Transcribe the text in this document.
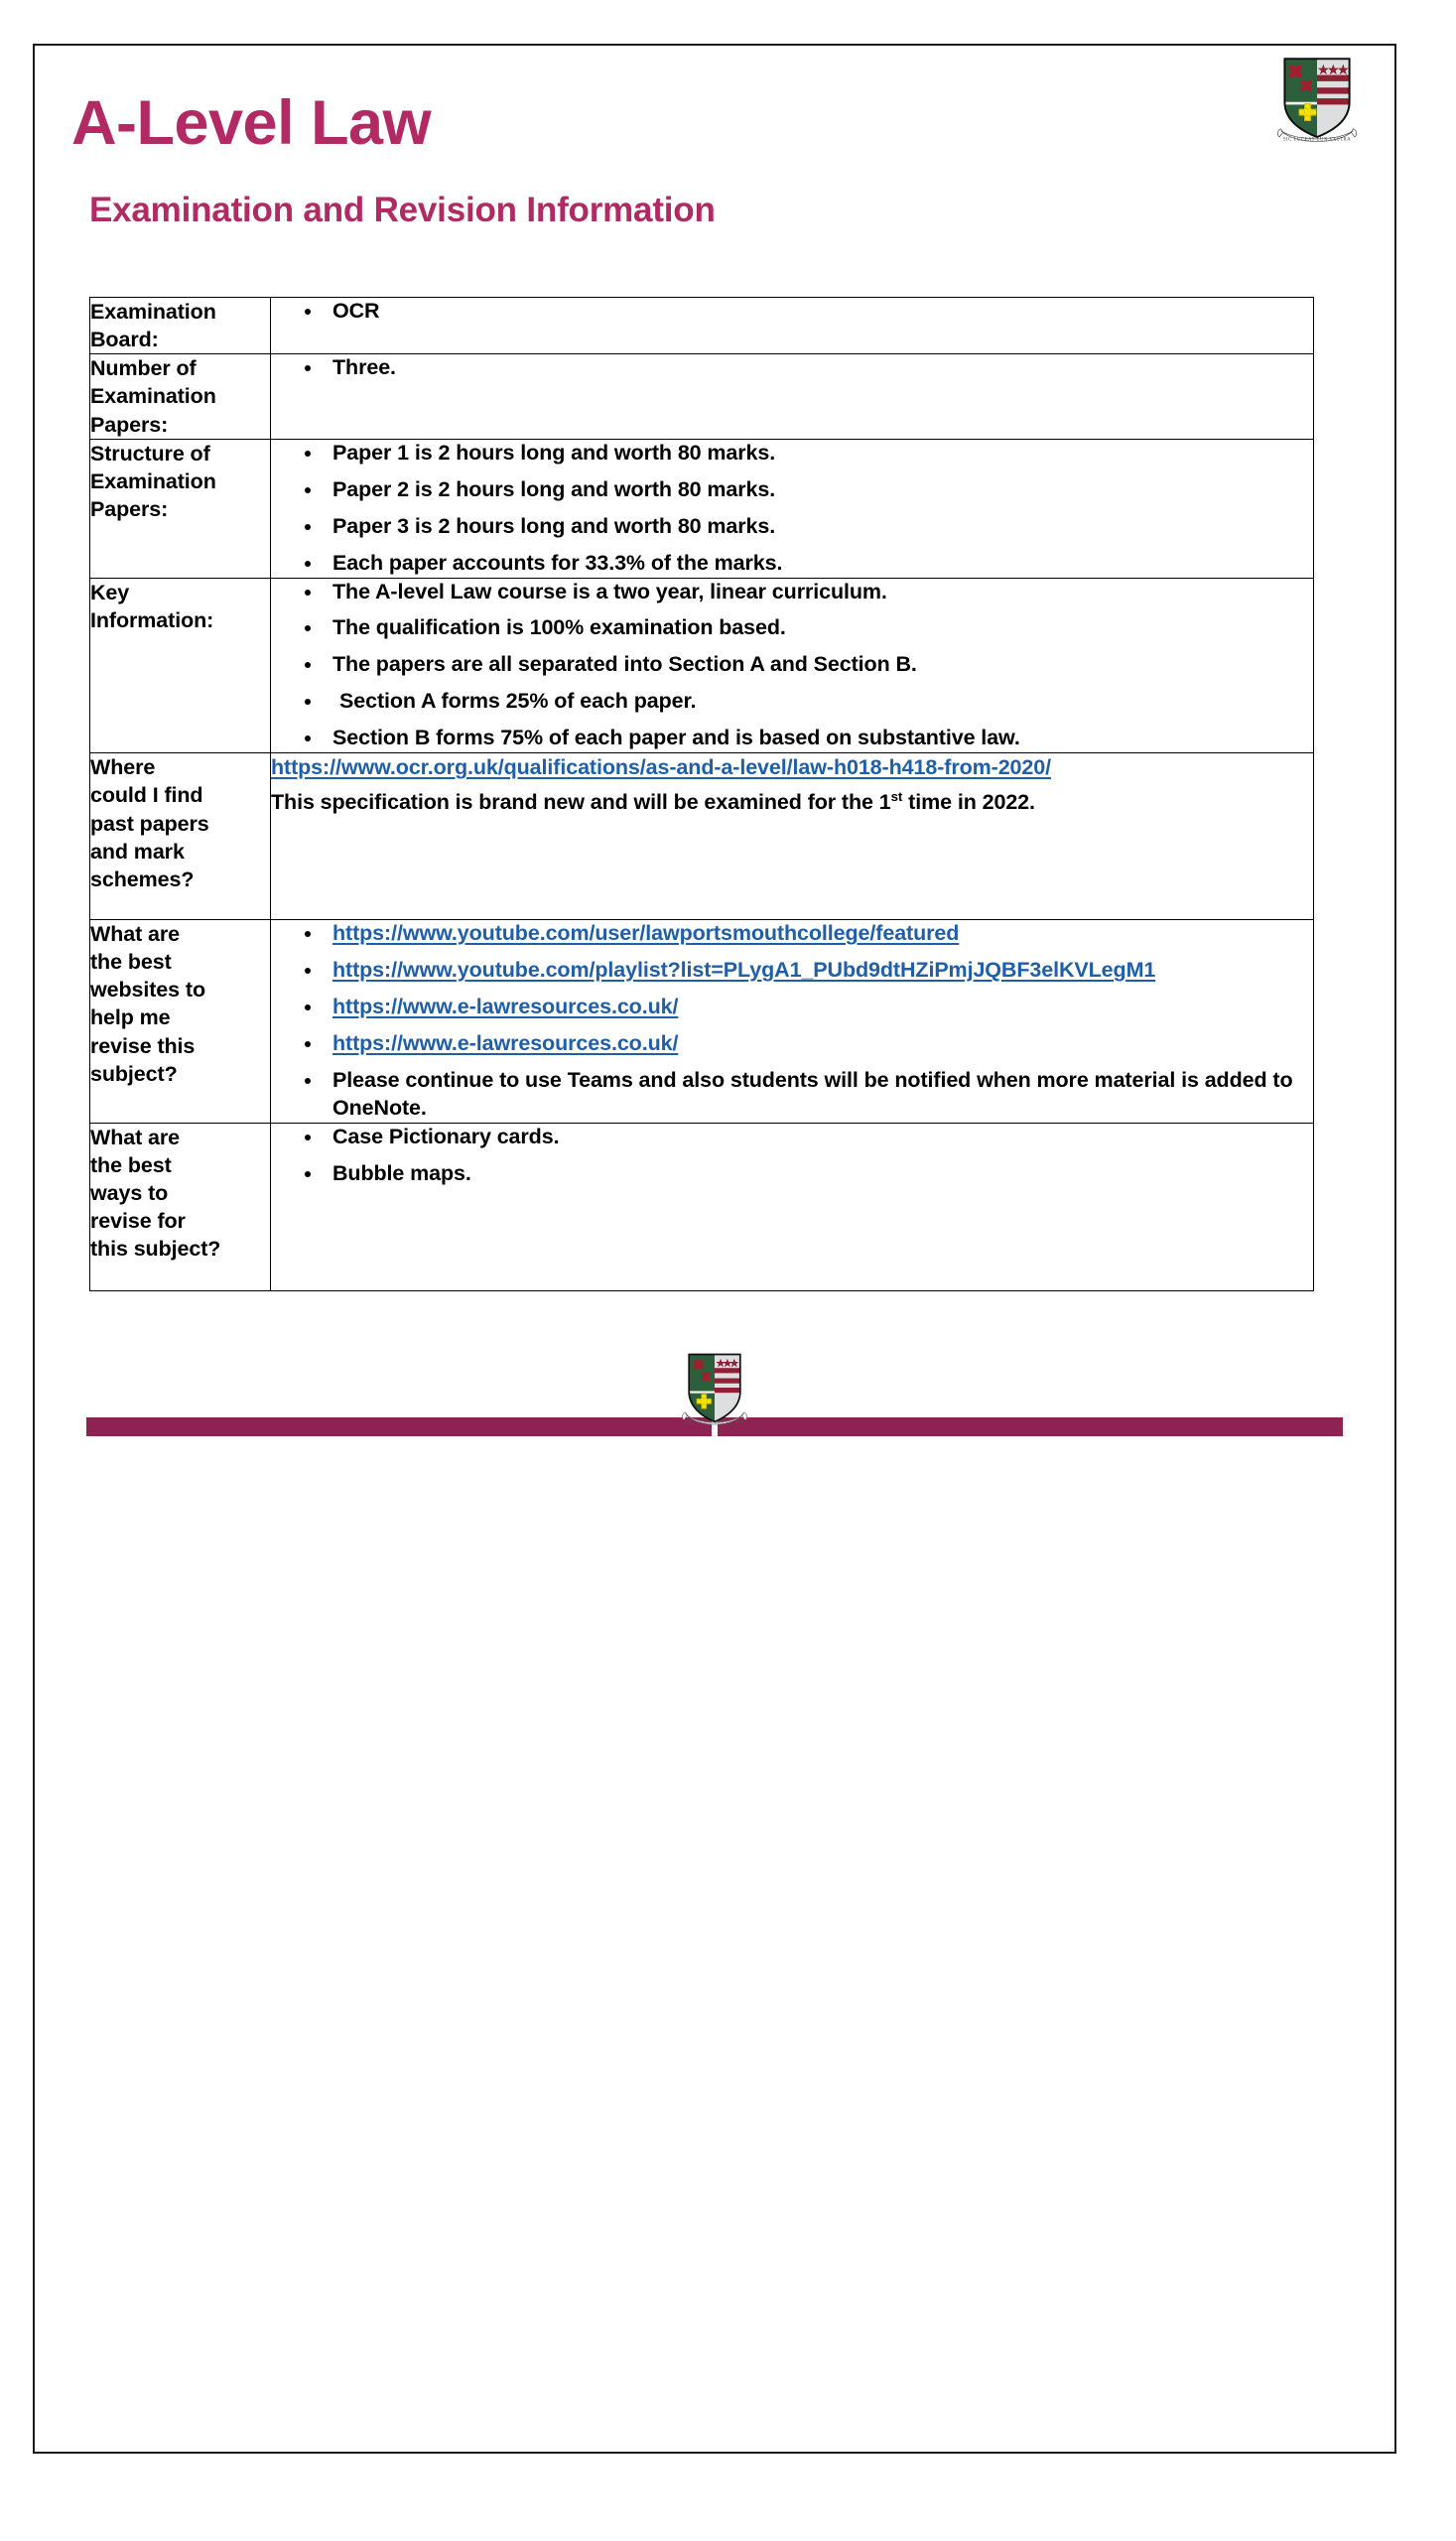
A-Level Law
Examination and Revision Information
SIC LUCEAT LUX VESTRA
Examination
Board:

OCR

Number of
Examination
Papers:

Three.

Structure of
Examination
Papers:

Paper 1 is 2 hours long and worth 80 marks.
Paper 2 is 2 hours long and worth 80 marks.
Paper 3 is 2 hours long and worth 80 marks.
Each paper accounts for 33.3% of the marks.

Key
Information:

The A-level Law course is a two year, linear curriculum.
The qualification is 100% examination based.
The papers are all separated into Section A and Section B.
Section A forms 25% of each paper.
Section B forms 75% of each paper and is based on substantive law.

Where
could I find
past papers
and mark
schemes?

https://www.ocr.org.uk/qualifications/as-and-a-level/law-h018-h418-from-2020/
This specification is brand new and will be examined for the 1st time in 2022.

What are
the best
websites to
help me
revise this
subject?

https://www.youtube.com/user/lawportsmouthcollege/featured
https://www.youtube.com/playlist?list=PLygA1_PUbd9dtHZiPmjJQBF3elKVLegM1
https://www.e-lawresources.co.uk/
https://www.e-lawresources.co.uk/
Please continue to use Teams and also students will be notified when more material is added to OneNote.

What are
the best
ways to
revise for
this subject?

Case Pictionary cards.
Bubble maps.
SIC LUCEAT LUX VESTRA
